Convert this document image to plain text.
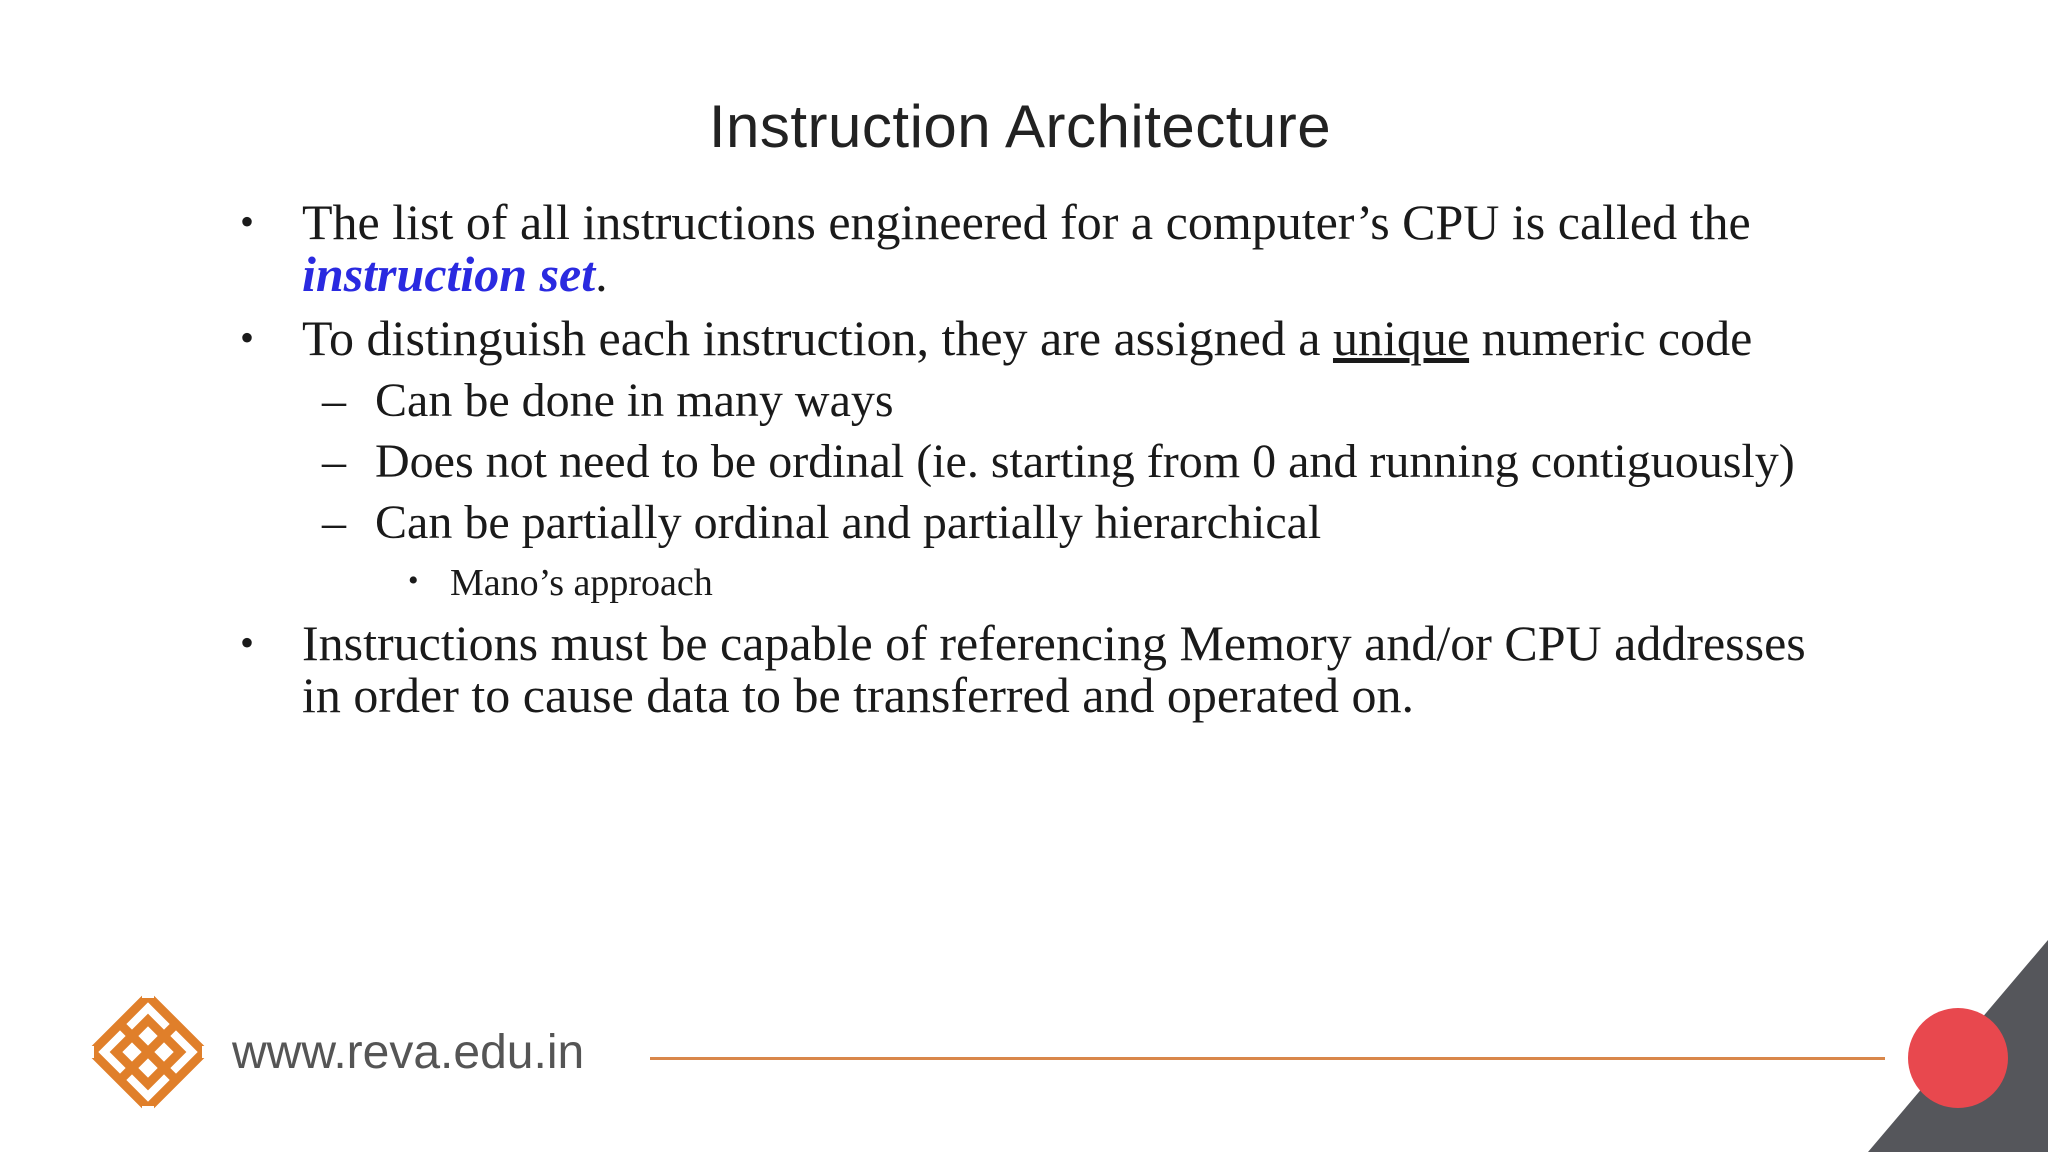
Instruction Architecture
• The list of all instructions engineered for a computer’s CPU is called the instruction set.
• To distinguish each instruction, they are assigned a unique numeric code
– Can be done in many ways
– Does not need to be ordinal (ie. starting from 0 and running contiguously)
– Can be partially ordinal and partially hierarchical
• Mano’s approach
• Instructions must be capable of referencing Memory and/or CPU addresses in order to cause data to be transferred and operated on.
www.reva.edu.in
